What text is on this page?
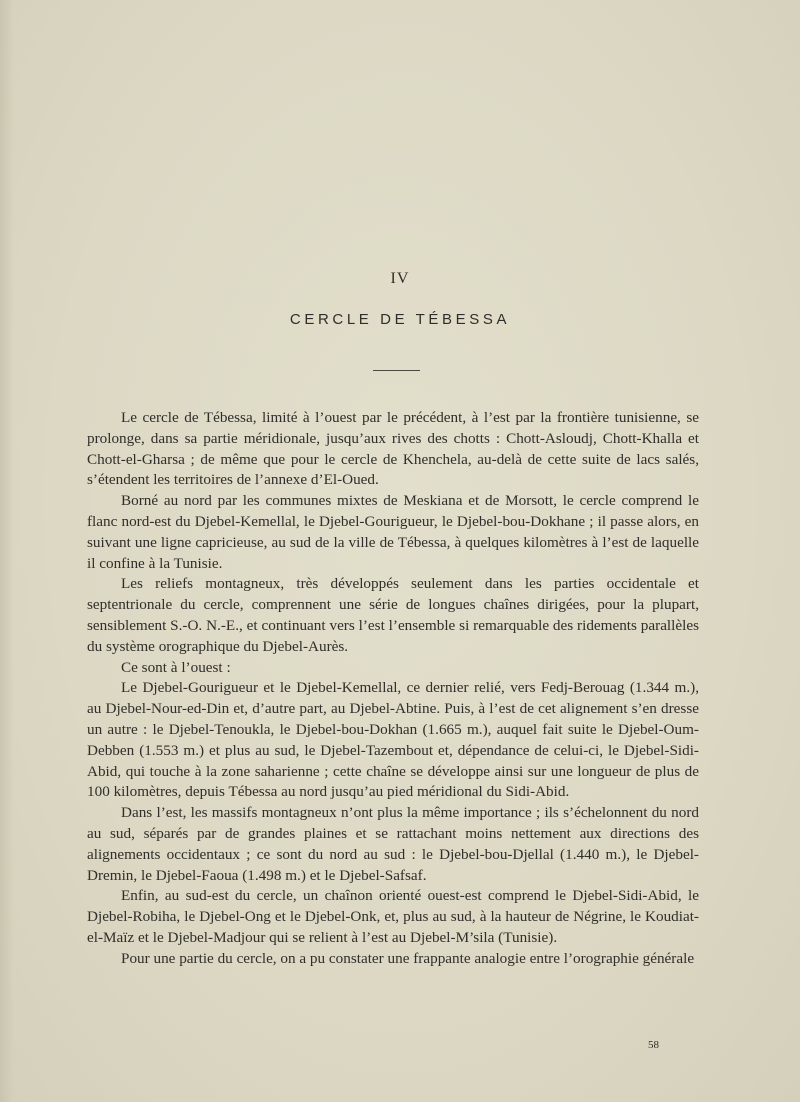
IV
CERCLE DE TÉBESSA

Le cercle de Tébessa, limité à l’ouest par le précédent, à l’est par la frontière tunisienne, se prolonge, dans sa partie méridionale, jusqu’aux rives des chotts : Chott-Asloudj, Chott-Khalla et Chott-el-Gharsa ; de même que pour le cercle de Khenchela, au-delà de cette suite de lacs salés, s’étendent les territoires de l’annexe d’El-Oued.

Borné au nord par les communes mixtes de Meskiana et de Morsott, le cercle comprend le flanc nord-est du Djebel-Kemellal, le Djebel-Gourigueur, le Djebel-bou-Dokhane ; il passe alors, en suivant une ligne capricieuse, au sud de la ville de Tébessa, à quelques kilomètres à l’est de laquelle il confine à la Tunisie.

Les reliefs montagneux, très développés seulement dans les parties occidentale et septentrionale du cercle, comprennent une série de longues chaînes dirigées, pour la plupart, sensiblement S.-O. N.-E., et continuant vers l’est l’ensemble si remarquable des ridements parallèles du système orographique du Djebel-Aurès.

Ce sont à l’ouest :

Le Djebel-Gourigueur et le Djebel-Kemellal, ce dernier relié, vers Fedj-Berouag (1.344 m.), au Djebel-Nour-ed-Din et, d’autre part, au Djebel-Abtine. Puis, à l’est de cet alignement s’en dresse un autre : le Djebel-Tenoukla, le Djebel-bou-Dokhan (1.665 m.), auquel fait suite le Djebel-Oum-Debben (1.553 m.) et plus au sud, le Djebel-Tazembout et, dépendance de celui-ci, le Djebel-Sidi-Abid, qui touche à la zone saharienne ; cette chaîne se développe ainsi sur une longueur de plus de 100 kilomètres, depuis Tébessa au nord jusqu’au pied méridional du Sidi-Abid.

Dans l’est, les massifs montagneux n’ont plus la même importance ; ils s’échelonnent du nord au sud, séparés par de grandes plaines et se rattachant moins nettement aux directions des alignements occidentaux ; ce sont du nord au sud : le Djebel-bou-Djellal (1.440 m.), le Djebel-Dremin, le Djebel-Faoua (1.498 m.) et le Djebel-Safsaf.

Enfin, au sud-est du cercle, un chaînon orienté ouest-est comprend le Djebel-Sidi-Abid, le Djebel-Robiha, le Djebel-Ong et le Djebel-Onk, et, plus au sud, à la hauteur de Négrine, le Koudiat-el-Maïz et le Djebel-Madjour qui se relient à l’est au Djebel-M’sila (Tunisie).

Pour une partie du cercle, on a pu constater une frappante analogie entre l’orographie générale

58
